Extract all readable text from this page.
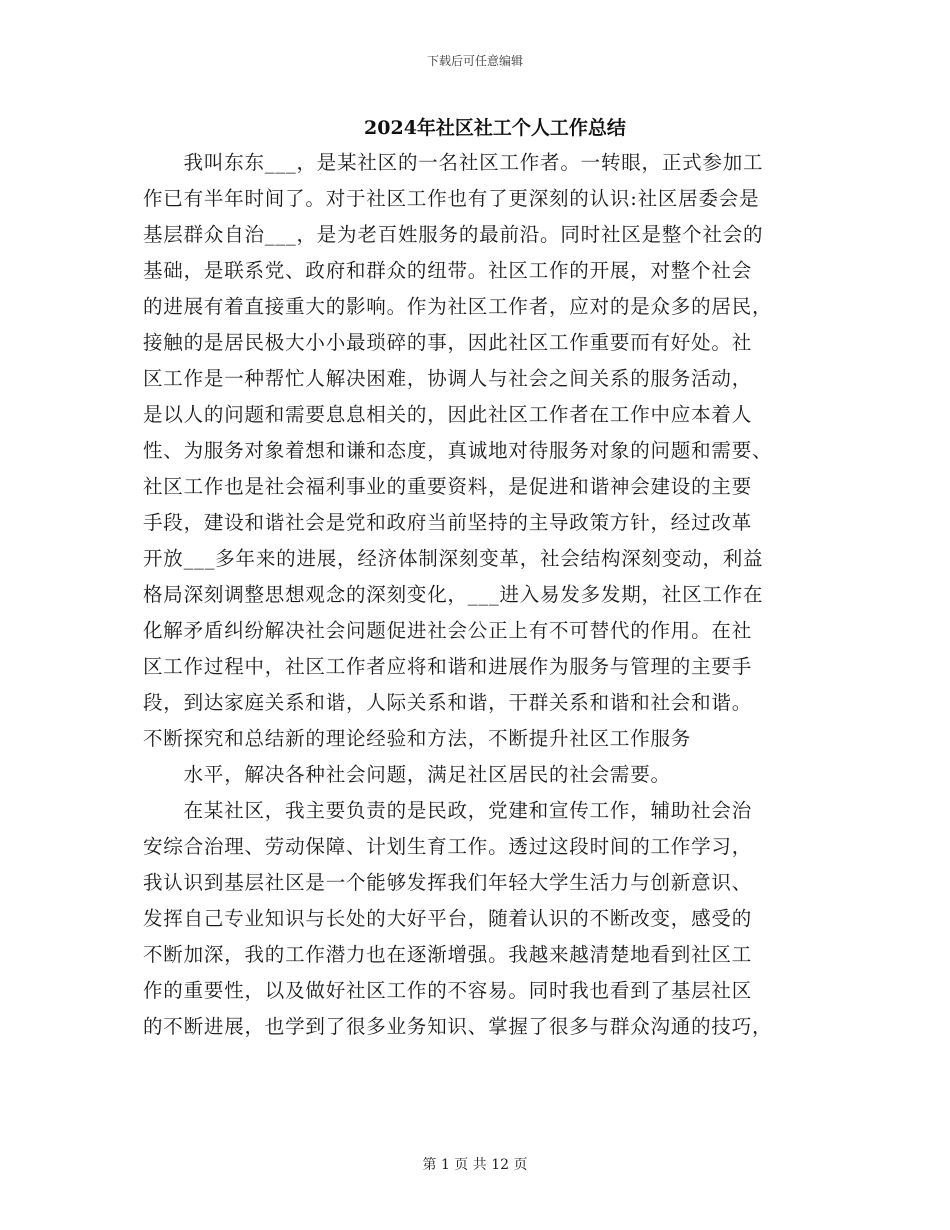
下载后可任意编辑
2024年社区社工个人工作总结
　　我叫东东___，是某社区的一名社区工作者。一转眼，正式参加工
作已有半年时间了。对于社区工作也有了更深刻的认识:社区居委会是
基层群众自治___，是为老百姓服务的最前沿。同时社区是整个社会的
基础，是联系党、政府和群众的纽带。社区工作的开展，对整个社会
的进展有着直接重大的影响。作为社区工作者，应对的是众多的居民，
接触的是居民极大小小最琐碎的事，因此社区工作重要而有好处。社
区工作是一种帮忙人解决困难，协调人与社会之间关系的服务活动，
是以人的问题和需要息息相关的，因此社区工作者在工作中应本着人
性、为服务对象着想和谦和态度，真诚地对待服务对象的问题和需要、
社区工作也是社会福利事业的重要资料，是促进和谐神会建设的主要
手段，建设和谐社会是党和政府当前坚持的主导政策方针，经过改革
开放___多年来的进展，经济体制深刻变革，社会结构深刻变动，利益
格局深刻调整思想观念的深刻变化，___进入易发多发期，社区工作在
化解矛盾纠纷解决社会问题促进社会公正上有不可替代的作用。在社
区工作过程中，社区工作者应将和谐和进展作为服务与管理的主要手
段，到达家庭关系和谐，人际关系和谐，干群关系和谐和社会和谐。
不断探究和总结新的理论经验和方法，不断提升社区工作服务
　　水平，解决各种社会问题，满足社区居民的社会需要。
　　在某社区，我主要负责的是民政，党建和宣传工作，辅助社会治
安综合治理、劳动保障、计划生育工作。透过这段时间的工作学习，
我认识到基层社区是一个能够发挥我们年轻大学生活力与创新意识、
发挥自己专业知识与长处的大好平台，随着认识的不断改变，感受的
不断加深，我的工作潜力也在逐渐增强。我越来越清楚地看到社区工
作的重要性，以及做好社区工作的不容易。同时我也看到了基层社区
的不断进展，也学到了很多业务知识、掌握了很多与群众沟通的技巧，
第 1 页 共 12 页
